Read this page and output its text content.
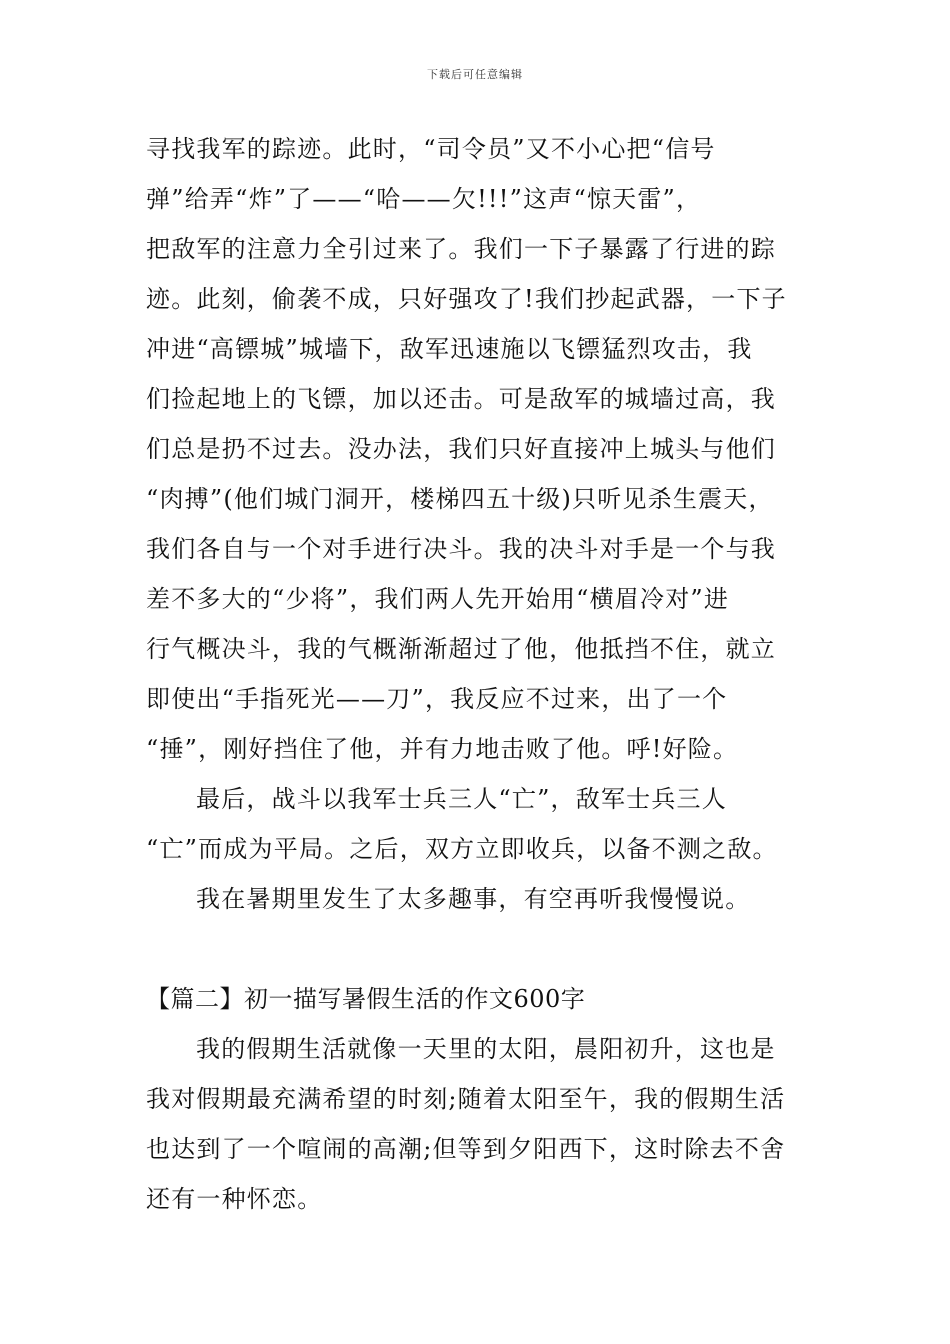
下载后可任意编辑
寻找我军的踪迹。此时，“司令员”又不小心把“信号
弹”给弄“炸”了——“哈——欠!!!”这声“惊天雷”，
把敌军的注意力全引过来了。我们一下子暴露了行进的踪
迹。此刻，偷袭不成，只好强攻了!我们抄起武器，一下子
冲进“高镖城”城墙下，敌军迅速施以飞镖猛烈攻击，我
们捡起地上的飞镖，加以还击。可是敌军的城墙过高，我
们总是扔不过去。没办法，我们只好直接冲上城头与他们
“肉搏”(他们城门洞开，楼梯四五十级)只听见杀生震天，
我们各自与一个对手进行决斗。我的决斗对手是一个与我
差不多大的“少将”，我们两人先开始用“横眉冷对”进
行气概决斗，我的气概渐渐超过了他，他抵挡不住，就立
即使出“手指死光——刀”，我反应不过来，出了一个
“捶”，刚好挡住了他，并有力地击败了他。呼!好险。
最后，战斗以我军士兵三人“亡”，敌军士兵三人
“亡”而成为平局。之后，双方立即收兵，以备不测之敌。
我在暑期里发生了太多趣事，有空再听我慢慢说。
【篇二】初一描写暑假生活的作文600字
我的假期生活就像一天里的太阳，晨阳初升，这也是
我对假期最充满希望的时刻;随着太阳至午，我的假期生活
也达到了一个喧闹的高潮;但等到夕阳西下，这时除去不舍
还有一种怀恋。
